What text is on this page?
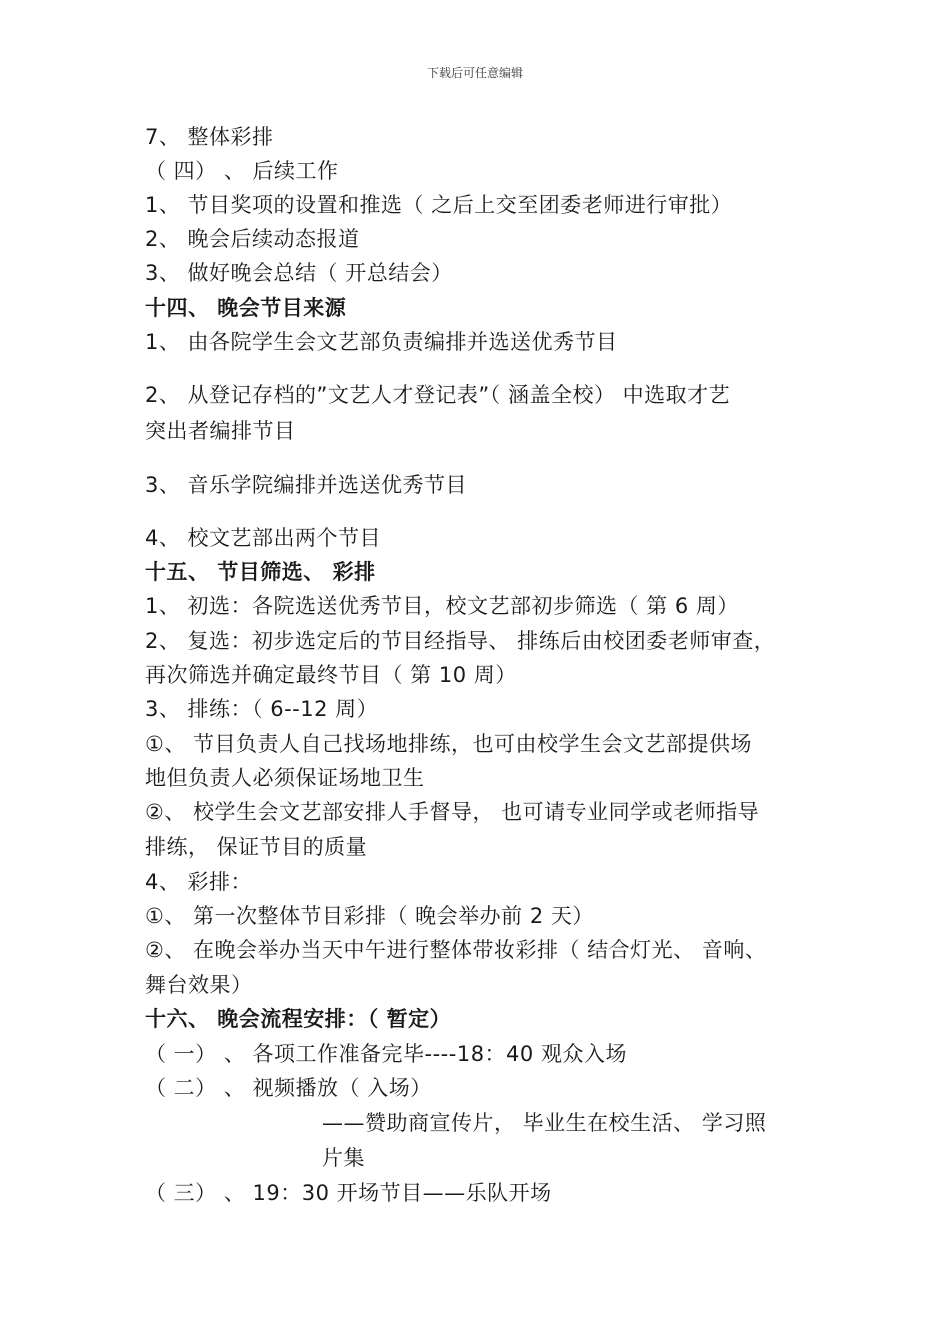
下载后可任意编辑
7、 整体彩排
（ 四） 、 后续工作
1、 节目奖项的设置和推选（ 之后上交至团委老师进行审批）
2、 晚会后续动态报道
3、 做好晚会总结（ 开总结会）
十四、 晚会节目来源
1、 由各院学生会文艺部负责编排并选送优秀节目
2、 从登记存档的”文艺人才登记表”（ 涵盖全校） 中选取才艺
突出者编排节目
3、 音乐学院编排并选送优秀节目
4、 校文艺部出两个节目
十五、 节目筛选、 彩排
1、 初选：各院选送优秀节目，校文艺部初步筛选（ 第 6 周）
2、 复选：初步选定后的节目经指导、 排练后由校团委老师审查，
再次筛选并确定最终节目（ 第 10 周）
3、 排练：（ 6--12 周）
①、 节目负责人自己找场地排练，也可由校学生会文艺部提供场
地但负责人必须保证场地卫生
②、 校学生会文艺部安排人手督导， 也可请专业同学或老师指导
排练， 保证节目的质量
4、 彩排：
①、 第一次整体节目彩排（ 晚会举办前 2 天）
②、 在晚会举办当天中午进行整体带妆彩排（ 结合灯光、 音响、
舞台效果）
十六、 晚会流程安排：（ 暂定）
（ 一） 、 各项工作准备完毕----18：40 观众入场
（ 二） 、 视频播放（ 入场）
——赞助商宣传片， 毕业生在校生活、 学习照
片集
（ 三） 、 19：30 开场节目——乐队开场
